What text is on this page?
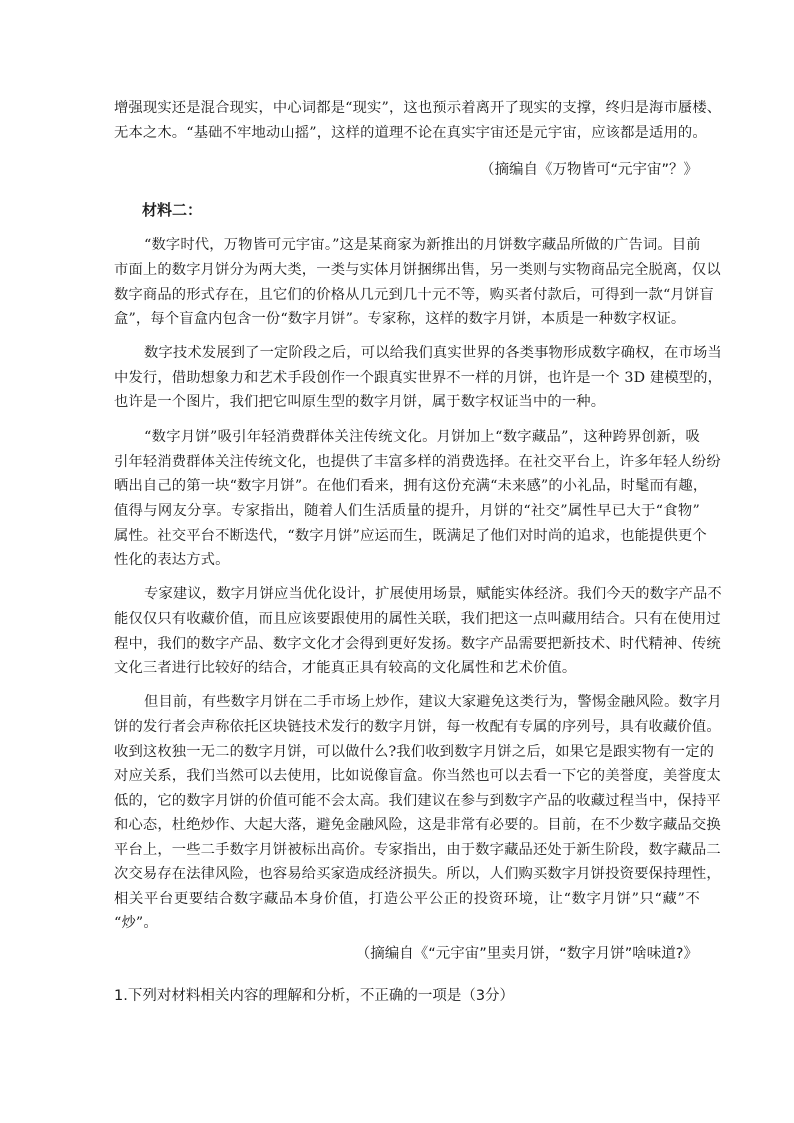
增强现实还是混合现实，中心词都是“现实”，这也预示着离开了现实的支撑，终归是海市蜃楼、
无本之木。“基础不牢地动山摇”，这样的道理不论在真实宇宙还是元宇宙，应该都是适用的。
（摘编自《万物皆可“元宇宙”？》
材料二：
“数字时代，万物皆可元宇宙。”这是某商家为新推出的月饼数字藏品所做的广告词。目前
市面上的数字月饼分为两大类，一类与实体月饼捆绑出售，另一类则与实物商品完全脱离，仅以
数字商品的形式存在，且它们的价格从几元到几十元不等，购买者付款后，可得到一款“月饼盲
盒”，每个盲盒内包含一份“数字月饼”。专家称，这样的数字月饼，本质是一种数字权证。
数字技术发展到了一定阶段之后，可以给我们真实世界的各类事物形成数字确权，在市场当
中发行，借助想象力和艺术手段创作一个跟真实世界不一样的月饼，也许是一个 3D 建模型的，
也许是一个图片，我们把它叫原生型的数字月饼，属于数字权证当中的一种。
“数字月饼”吸引年轻消费群体关注传统文化。月饼加上“数字藏品”，这种跨界创新，吸
引年轻消费群体关注传统文化，也提供了丰富多样的消费选择。在社交平台上，许多年轻人纷纷
晒出自己的第一块“数字月饼”。在他们看来，拥有这份充满“未来感”的小礼品，时髦而有趣，
值得与网友分享。专家指出，随着人们生活质量的提升，月饼的“社交”属性早已大于“食物”
属性。社交平台不断迭代，“数字月饼”应运而生，既满足了他们对时尚的追求，也能提供更个
性化的表达方式。
专家建议，数字月饼应当优化设计，扩展使用场景，赋能实体经济。我们今天的数字产品不
能仅仅只有收藏价值，而且应该要跟使用的属性关联，我们把这一点叫藏用结合。只有在使用过
程中，我们的数字产品、数字文化才会得到更好发扬。数字产品需要把新技术、时代精神、传统
文化三者进行比较好的结合，才能真正具有较高的文化属性和艺术价值。
但目前，有些数字月饼在二手市场上炒作，建议大家避免这类行为，警惕金融风险。数字月
饼的发行者会声称依托区块链技术发行的数字月饼，每一枚配有专属的序列号，具有收藏价值。
收到这枚独一无二的数字月饼，可以做什么?我们收到数字月饼之后，如果它是跟实物有一定的
对应关系，我们当然可以去使用，比如说像盲盒。你当然也可以去看一下它的美誉度，美誉度太
低的，它的数字月饼的价值可能不会太高。我们建议在参与到数字产品的收藏过程当中，保持平
和心态，杜绝炒作、大起大落，避免金融风险，这是非常有必要的。目前，在不少数字藏品交换
平台上，一些二手数字月饼被标出高价。专家指出，由于数字藏品还处于新生阶段，数字藏品二
次交易存在法律风险，也容易给买家造成经济损失。所以，人们购买数字月饼投资要保持理性，
相关平台更要结合数字藏品本身价值，打造公平公正的投资环境，让“数字月饼”只“藏”不
“炒”。
（摘编自《“元宇宙”里卖月饼，“数字月饼”啥味道?》
1.下列对材料相关内容的理解和分析，不正确的一项是（3分）
